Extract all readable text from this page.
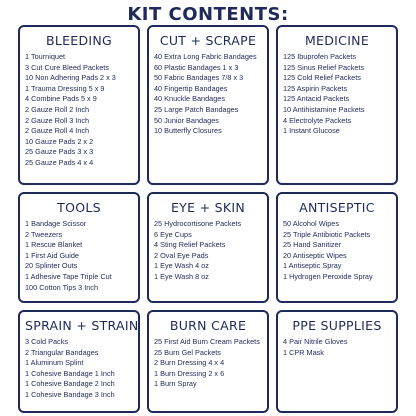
KIT CONTENTS:
BLEEDING
1 Tourniquet
3 Cut Cure Bleed Packets
10 Non Adhering Pads 2 x 3
1 Trauma Dressing 5 x 9
4 Combine Pads 5 x 9
2 Gauze Roll 2 Inch
2 Gauze Roll 3 Inch
2 Gauze Roll 4 Inch
10 Gauze Pads 2 x 2
25 Gauze Pads 3 x 3
25 Gauze Pads 4 x 4
CUT + SCRAPE
40 Extra Long Fabric Bandages
60 Plastic Bandages 1 x 3
50 Fabric Bandages 7/8 x 3
40 Fingertip Bandages
40 Knuckle Bandages
25 Large Patch Bandages
50 Junior Bandages
10 Butterfly Closures
MEDICINE
125 Ibuprofen Packets
125 Sinus Relief Packets
125 Cold Relief Packets
125 Aspirin Packets
125 Antacid Packets
10 Antihistamine Packets
4 Electrolyte Packets
1 Instant Glucose
TOOLS
1 Bandage Scissor
2 Tweezers
1 Rescue Blanket
1 First Aid Guide
20 Splinter Outs
1 Adhesive Tape Triple Cut
100 Cotton Tips 3 Inch
EYE + SKIN
25 Hydrocortisone Packets
6 Eye Cups
4 Sting Relief Packets
2 Oval Eye Pads
1 Eye Wash 4 oz
1 Eye Wash 8 oz
ANTISEPTIC
50 Alcohol Wipes
25 Triple Antibiotic Packets
25 Hand Sanitizer
20 Antiseptic Wipes
1 Antiseptic Spray
1 Hydrogen Peroxide Spray
SPRAIN + STRAIN
3 Cold Packs
2 Triangular Bandages
1 Aluminum Splint
1 Cohesive Bandage 1 Inch
1 Cohesive Bandage 2 Inch
1 Cohesive Bandage 3 Inch
BURN CARE
25 First Aid Burn Cream Packets
25 Burn Gel Packets
2 Burn Dressing 4 x 4
1 Burn Dressing 2 x 6
1 Burn Spray
PPE SUPPLIES
4 Pair Nitrile Gloves
1 CPR Mask
